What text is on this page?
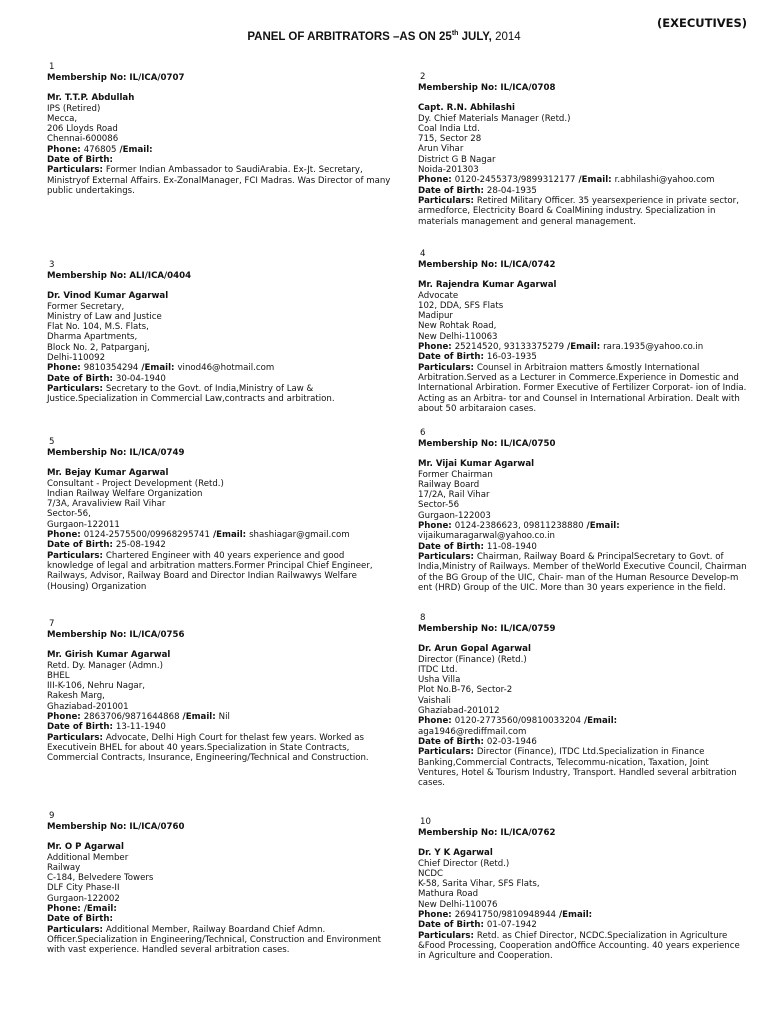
(EXECUTIVES)
PANEL OF ARBITRATORS –AS ON 25th JULY, 2014
1
Membership No: IL/ICA/0707
Mr. T.T.P. Abdullah
IPS (Retired)
Mecca,
206 Lloyds Road
Chennai-600086
Phone: 476805 /Email:
Date of Birth:
Particulars: Former Indian Ambassador to SaudiArabia. Ex-Jt. Secretary, Ministryof External Affairs. Ex-ZonalManager, FCI Madras. Was Director of many public undertakings.
2
Membership No: IL/ICA/0708
Capt. R.N. Abhilashi
Dy. Chief Materials Manager (Retd.)
Coal India Ltd.
715, Sector 28
Arun Vihar
District G B Nagar
Noida-201303
Phone: 0120-2455373/9899312177 /Email: r.abhilashi@yahoo.com
Date of Birth: 28-04-1935
Particulars: Retired Military Officer. 35 yearsexperience in private sector, armedforce, Electricity Board & CoalMining industry. Specialization in materials management and general management.
3
Membership No: ALI/ICA/0404
Dr. Vinod Kumar Agarwal
Former Secretary,
Ministry of Law and Justice
Flat No. 104, M.S. Flats,
Dharma Apartments,
Block No. 2, Patparganj,
Delhi-110092
Phone: 9810354294 /Email: vinod46@hotmail.com
Date of Birth: 30-04-1940
Particulars: Secretary to the Govt. of India,Ministry of Law & Justice.Specialization in Commercial Law,contracts and arbitration.
4
Membership No: IL/ICA/0742
Mr. Rajendra Kumar Agarwal
Advocate
102, DDA, SFS Flats
Madipur
New Rohtak Road,
New Delhi-110063
Phone: 25214520, 93133375279 /Email: rara.1935@yahoo.co.in
Date of Birth: 16-03-1935
Particulars: Counsel in Arbitraion matters &mostly International Arbitration.Served as a Lecturer in Commerce.Experience in Domestic and International Arbiration. Former Executive of Fertilizer Corporat- ion of India. Acting as an Arbitra- tor and Counsel in International Arbiration. Dealt with about 50 arbitaraion cases.
5
Membership No: IL/ICA/0749
Mr. Bejay Kumar Agarwal
Consultant - Project Development (Retd.)
Indian Railway Welfare Organization
7/3A, Aravaliview Rail Vihar
Sector-56,
Gurgaon-122011
Phone: 0124-2575500/09968295741 /Email: shashiagar@gmail.com
Date of Birth: 25-08-1942
Particulars: Chartered Engineer with 40 years experience and good knowledge of legal and arbitration matters.Former Principal Chief Engineer, Railways, Advisor, Railway Board and Director Indian Railwawys Welfare (Housing) Organization
6
Membership No: IL/ICA/0750
Mr. Vijai Kumar Agarwal
Former Chairman
Railway Board
17/2A, Rail Vihar
Sector-56
Gurgaon-122003
Phone: 0124-2386623, 09811238880 /Email:
vijaikumaragarwal@yahoo.co.in
Date of Birth: 11-08-1940
Particulars: Chairman, Railway Board & PrincipalSecretary to Govt. of India,Ministry of Railways. Member of theWorld Executive Council, Chairman of the BG Group of the UIC, Chair- man of the Human Resource Develop-m ent (HRD) Group of the UIC. More than 30 years experience in the field.
7
Membership No: IL/ICA/0756
Mr. Girish Kumar Agarwal
Retd. Dy. Manager (Admn.)
BHEL
III-K-106, Nehru Nagar,
Rakesh Marg,
Ghaziabad-201001
Phone: 2863706/9871644868 /Email: Nil
Date of Birth: 13-11-1940
Particulars: Advocate, Delhi High Court for thelast few years. Worked as Executivein BHEL for about 40 years.Specialization in State Contracts, Commercial Contracts, Insurance, Engineering/Technical and Construction.
8
Membership No: IL/ICA/0759
Dr. Arun Gopal Agarwal
Director (Finance) (Retd.)
ITDC Ltd.
Usha Villa
Plot No.B-76, Sector-2
Vaishali
Ghaziabad-201012
Phone: 0120-2773560/09810033204 /Email:
aga1946@rediffmail.com
Date of Birth: 02-03-1946
Particulars: Director (Finance), ITDC Ltd.Specialization in Finance Banking,Commercial Contracts, Telecommu-nication, Taxation, Joint Ventures, Hotel & Tourism Industry, Transport. Handled several arbitration cases.
9
Membership No: IL/ICA/0760
Mr. O P Agarwal
Additional Member
Railway
C-184, Belvedere Towers
DLF City Phase-II
Gurgaon-122002
Phone: /Email:
Date of Birth:
Particulars: Additional Member, Railway Boardand Chief Admn. Officer.Specialization in Engineering/Technical, Construction and Environment with vast experience. Handled several arbitration cases.
10
Membership No: IL/ICA/0762
Dr. Y K Agarwal
Chief Director (Retd.)
NCDC
K-58, Sarita Vihar, SFS Flats,
Mathura Road
New Delhi-110076
Phone: 26941750/9810948944 /Email:
Date of Birth: 01-07-1942
Particulars: Retd. as Chief Director, NCDC.Specialization in Agriculture &Food Processing, Cooperation andOffice Accounting. 40 years experience in Agriculture and Cooperation.
